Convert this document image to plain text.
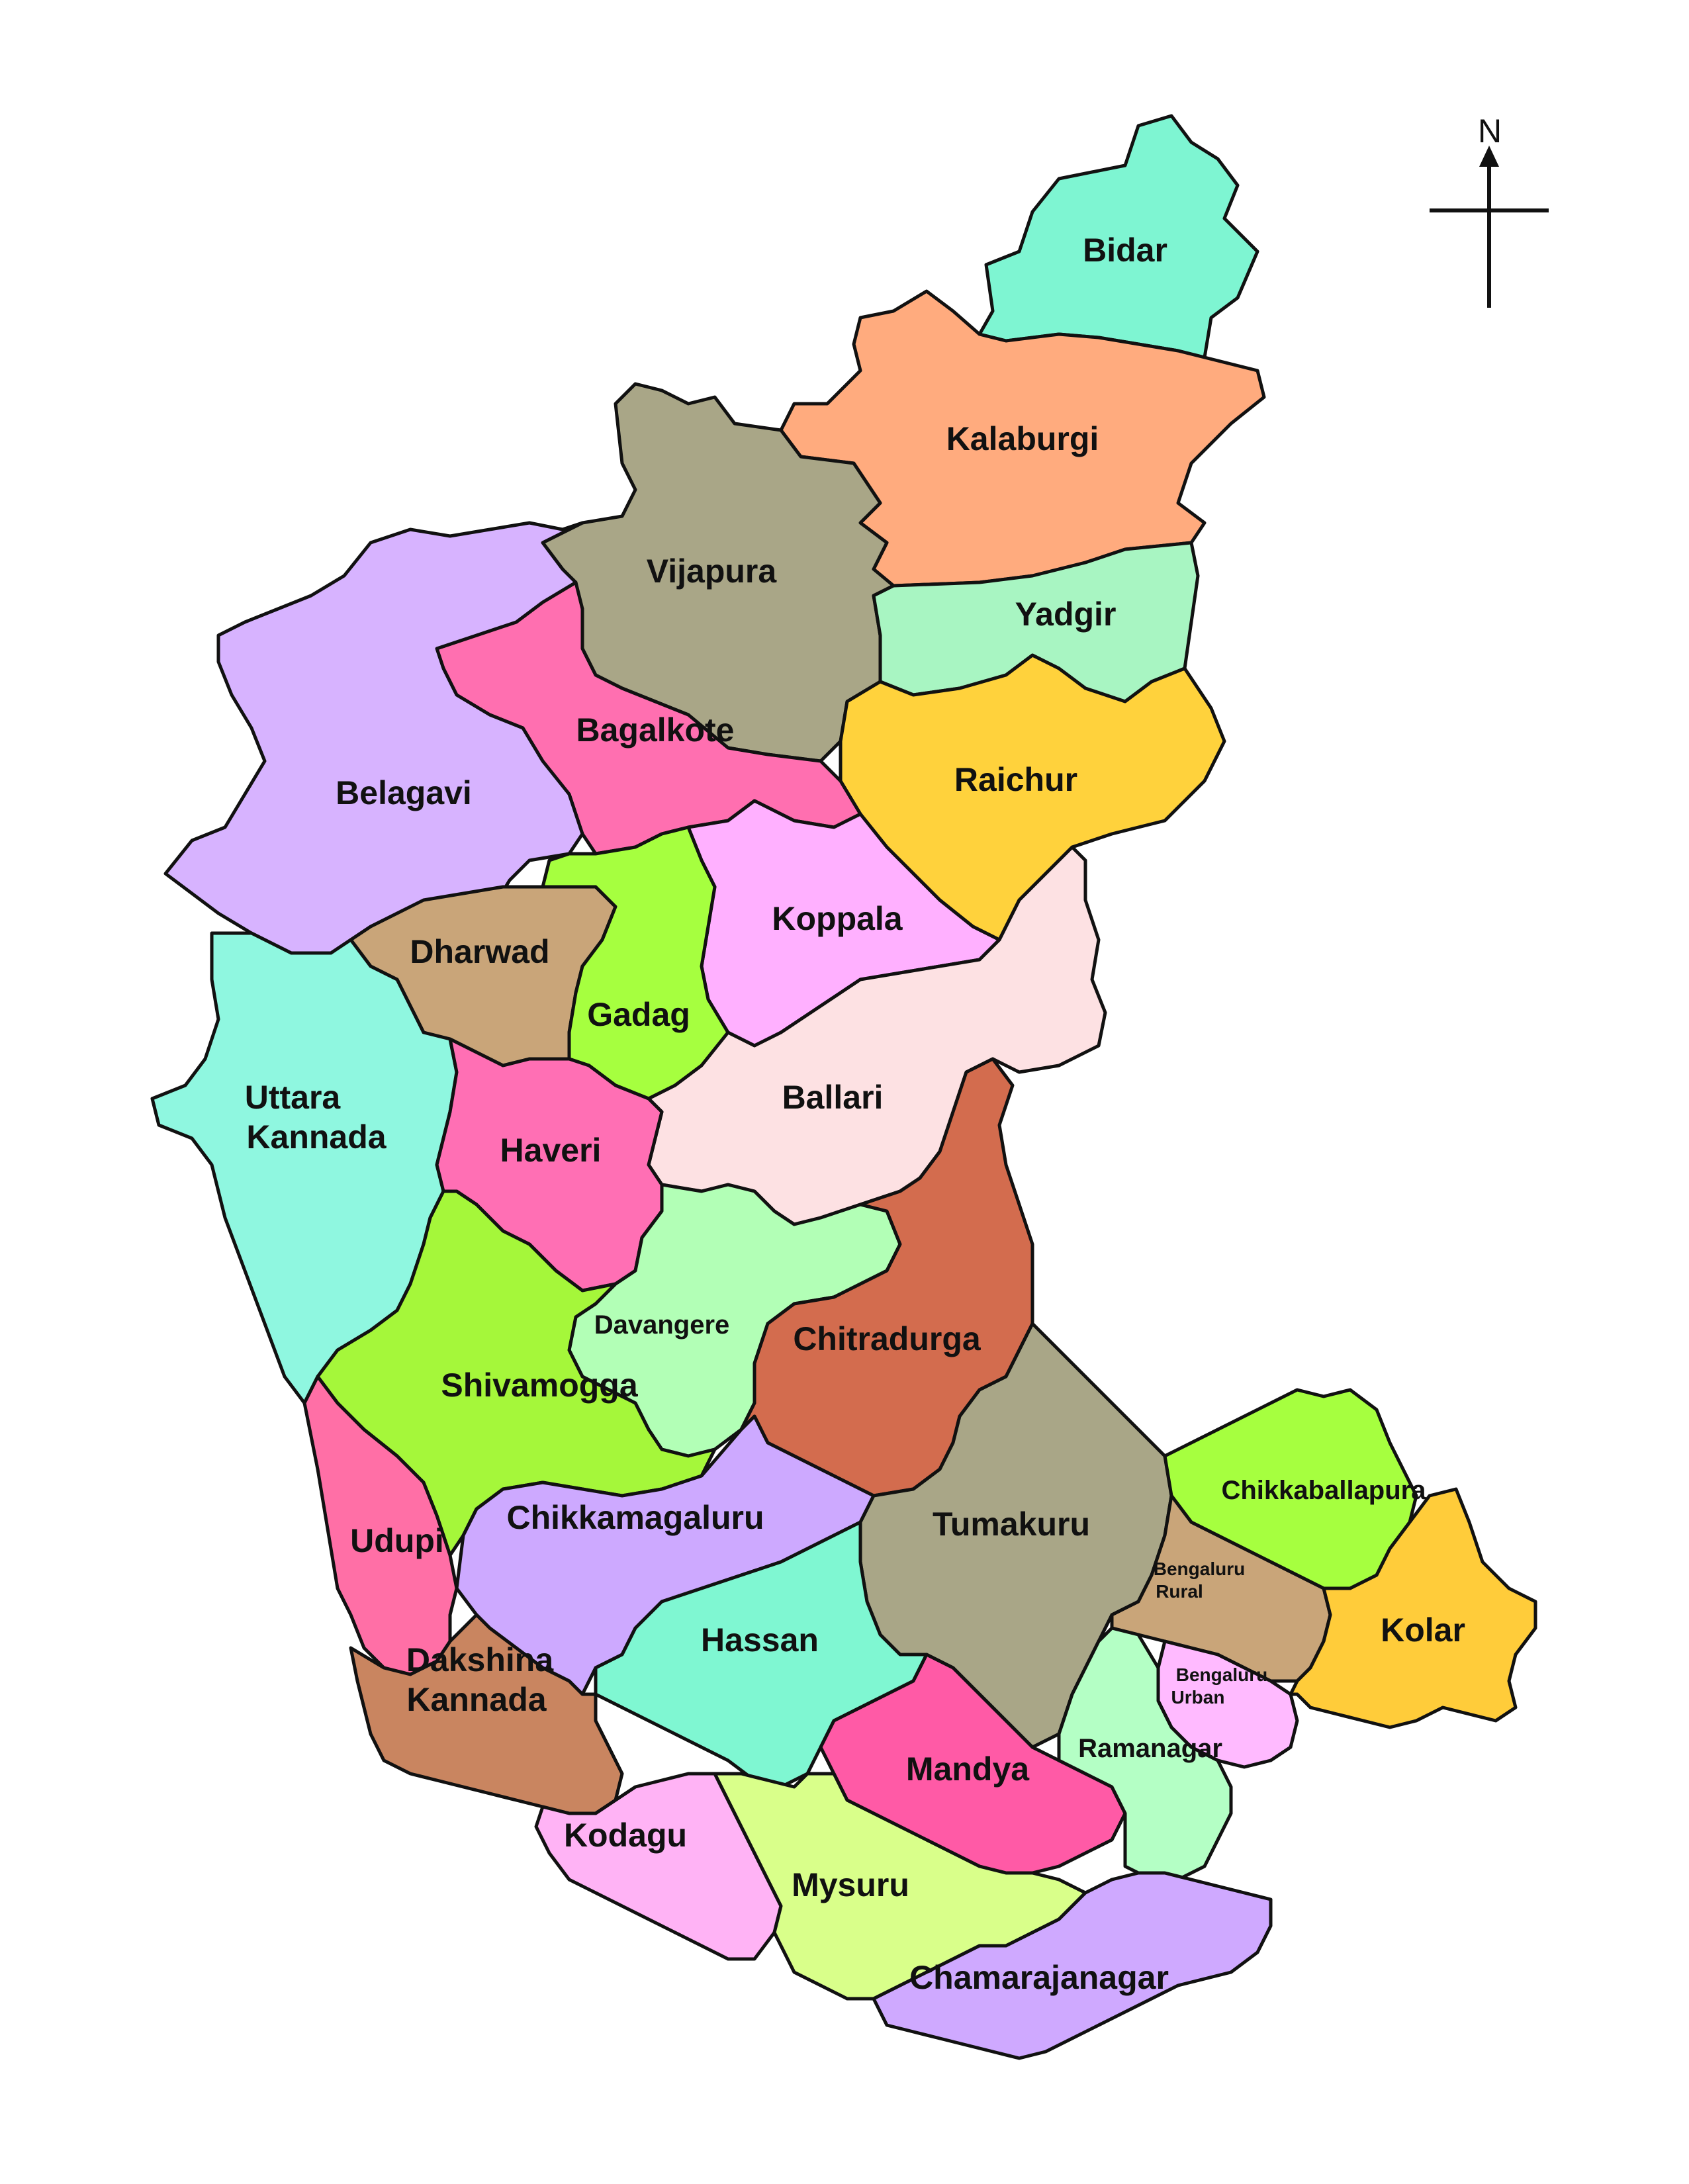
Bidar
Kalaburgi
Vijapura
Yadgir
Raichur
Bagalkote
Belagavi
Koppala
Dharwad
Gadag
Ballari
Uttara
Kannada	Haveri
Davangere Chitradurga
Shivamogga
Udupi
Chikkamagaluru	Tumakuru
Chikkaballapura
Bengaluru
Rural
Bengaluru
Urban
Kolar
Hassan
Dakshina
Kannada
Kodagu
Mandya
Ramanagar
Mysuru
Chamarajanagar
N
